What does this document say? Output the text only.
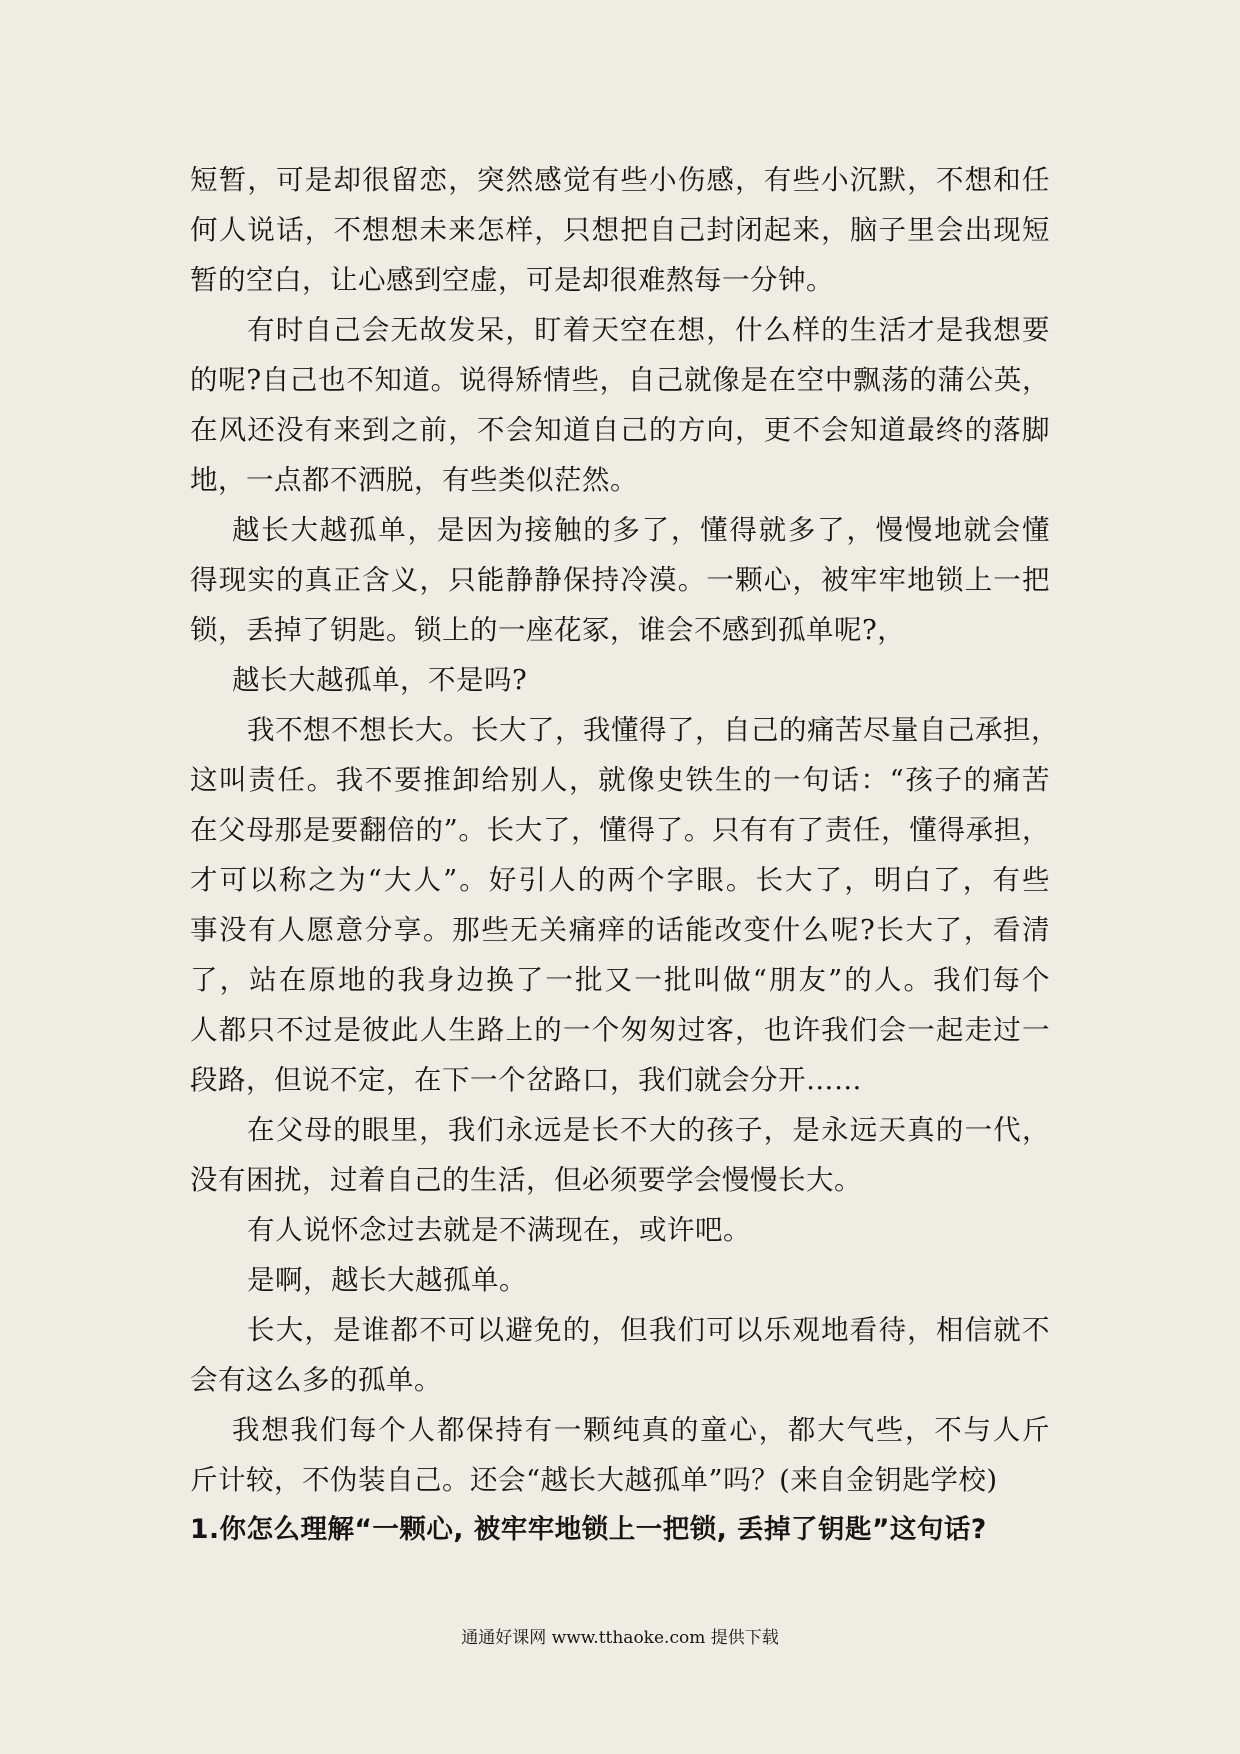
短暂，可是却很留恋，突然感觉有些小伤感，有些小沉默，不想和任
何人说话，不想想未来怎样，只想把自己封闭起来，脑子里会出现短
暂的空白，让心感到空虚，可是却很难熬每一分钟。
有时自己会无故发呆，盯着天空在想，什么样的生活才是我想要
的呢?自己也不知道。说得矫情些，自己就像是在空中飘荡的蒲公英，
在风还没有来到之前，不会知道自己的方向，更不会知道最终的落脚
地，一点都不洒脱，有些类似茫然。
越长大越孤单，是因为接触的多了，懂得就多了，慢慢地就会懂
得现实的真正含义，只能静静保持冷漠。一颗心，被牢牢地锁上一把
锁，丢掉了钥匙。锁上的一座花冢，谁会不感到孤单呢?，
越长大越孤单，不是吗?
我不想不想长大。长大了，我懂得了，自己的痛苦尽量自己承担，
这叫责任。我不要推卸给别人，就像史铁生的一句话：“孩子的痛苦
在父母那是要翻倍的”。长大了，懂得了。只有有了责任，懂得承担，
才可以称之为“大人”。好引人的两个字眼。长大了，明白了，有些
事没有人愿意分享。那些无关痛痒的话能改变什么呢?长大了，看清
了，站在原地的我身边换了一批又一批叫做“朋友”的人。我们每个
人都只不过是彼此人生路上的一个匆匆过客，也许我们会一起走过一
段路，但说不定，在下一个岔路口，我们就会分开……
在父母的眼里，我们永远是长不大的孩子，是永远天真的一代，
没有困扰，过着自己的生活，但必须要学会慢慢长大。
有人说怀念过去就是不满现在，或许吧。
是啊，越长大越孤单。
长大，是谁都不可以避免的，但我们可以乐观地看待，相信就不
会有这么多的孤单。
我想我们每个人都保持有一颗纯真的童心，都大气些，不与人斤
斤计较，不伪装自己。还会“越长大越孤单”吗？(来自金钥匙学校)
1.你怎么理解“一颗心, 被牢牢地锁上一把锁, 丢掉了钥匙”这句话?
通通好课网 www.tthaoke.com 提供下载
